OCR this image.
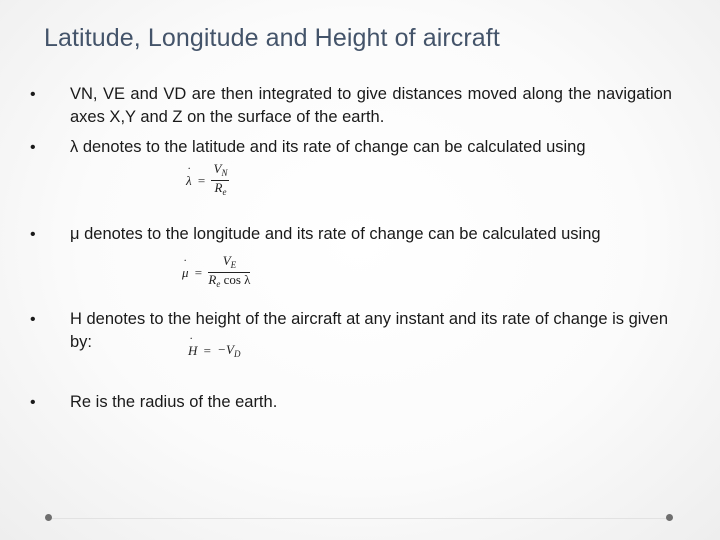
Latitude, Longitude and Height of aircraft
•	VN, VE and VD are then integrated to give distances moved along the navigation axes X,Y and Z on the surface of the earth.
•	λ denotes to the latitude and its rate of change can be calculated using
•	μ denotes to the longitude and its rate of change can be calculated using
•	H denotes to the height of the aircraft at any instant and its rate of change is given by:
•	Re is the radius of the earth.
˙ $\lambda = \frac{V_N}{R_e}$
˙ $\mu = \frac{V_E}{R_e \cos \lambda}$
˙ $H = -V_D$
